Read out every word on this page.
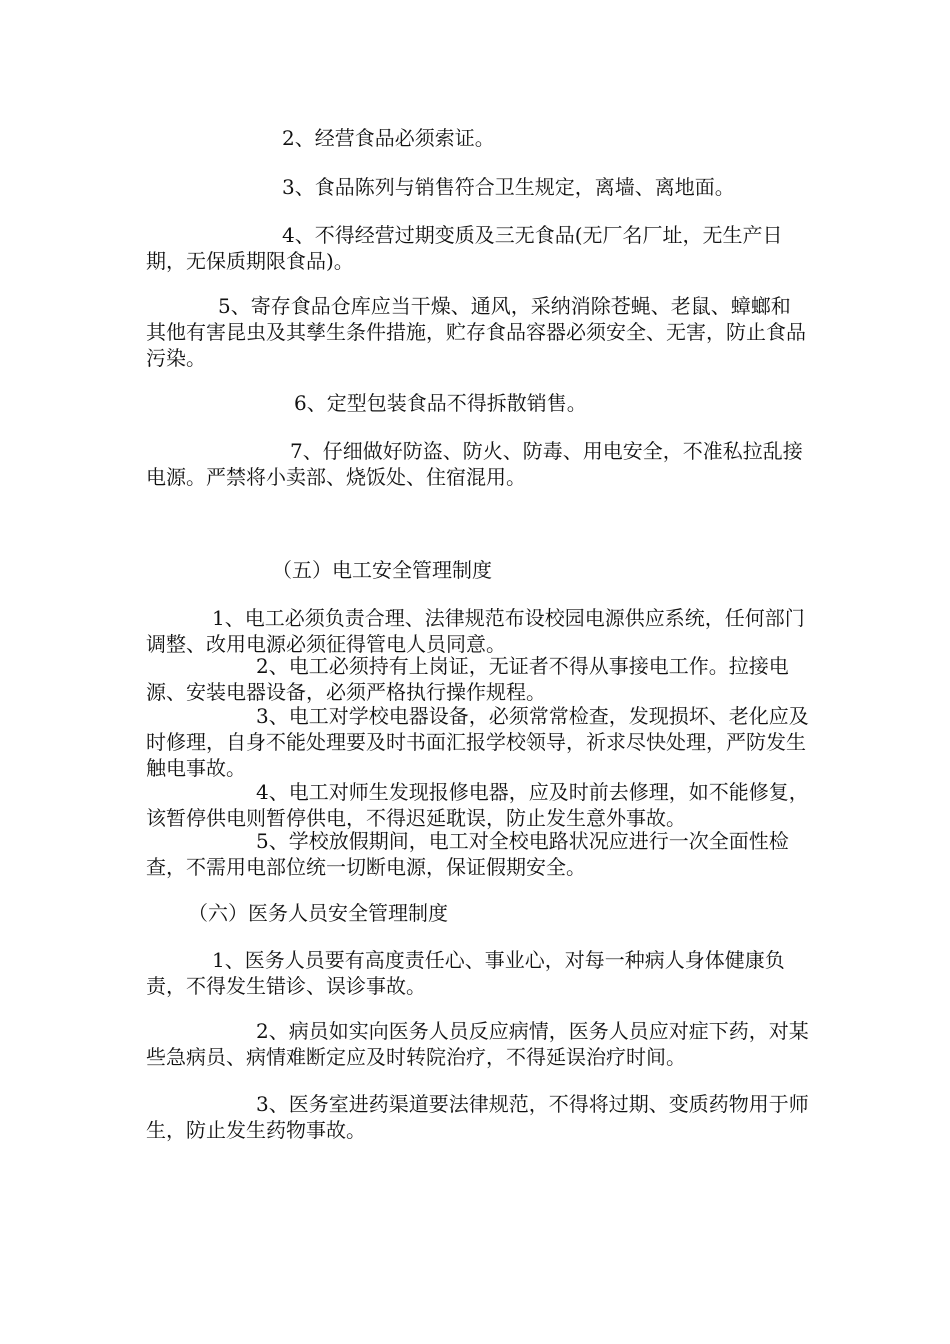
2、经营食品必须索证。

3、食品陈列与销售符合卫生规定，离墙、离地面。

4、不得经营过期变质及三无食品(无厂名厂址，无生产日期，无保质期限食品)。

5、寄存食品仓库应当干燥、通风，采纳消除苍蝇、老鼠、蟑螂和其他有害昆虫及其孳生条件措施，贮存食品容器必须安全、无害，防止食品污染。

6、定型包装食品不得拆散销售。

7、仔细做好防盗、防火、防毒、用电安全，不准私拉乱接电源。严禁将小卖部、烧饭处、住宿混用。

（五）电工安全管理制度

1、电工必须负责合理、法律规范布设校园电源供应系统，任何部门调整、改用电源必须征得管电人员同意。

2、电工必须持有上岗证，无证者不得从事接电工作。拉接电源、安装电器设备，必须严格执行操作规程。

3、电工对学校电器设备，必须常常检查，发现损坏、老化应及时修理，自身不能处理要及时书面汇报学校领导，祈求尽快处理，严防发生触电事故。

4、电工对师生发现报修电器，应及时前去修理，如不能修复，该暂停供电则暂停供电，不得迟延耽误，防止发生意外事故。

5、学校放假期间，电工对全校电路状况应进行一次全面性检查，不需用电部位统一切断电源，保证假期安全。

（六）医务人员安全管理制度

1、医务人员要有高度责任心、事业心，对每一种病人身体健康负责，不得发生错诊、误诊事故。

2、病员如实向医务人员反应病情，医务人员应对症下药，对某些急病员、病情难断定应及时转院治疗，不得延误治疗时间。

3、医务室进药渠道要法律规范，不得将过期、变质药物用于师生，防止发生药物事故。
